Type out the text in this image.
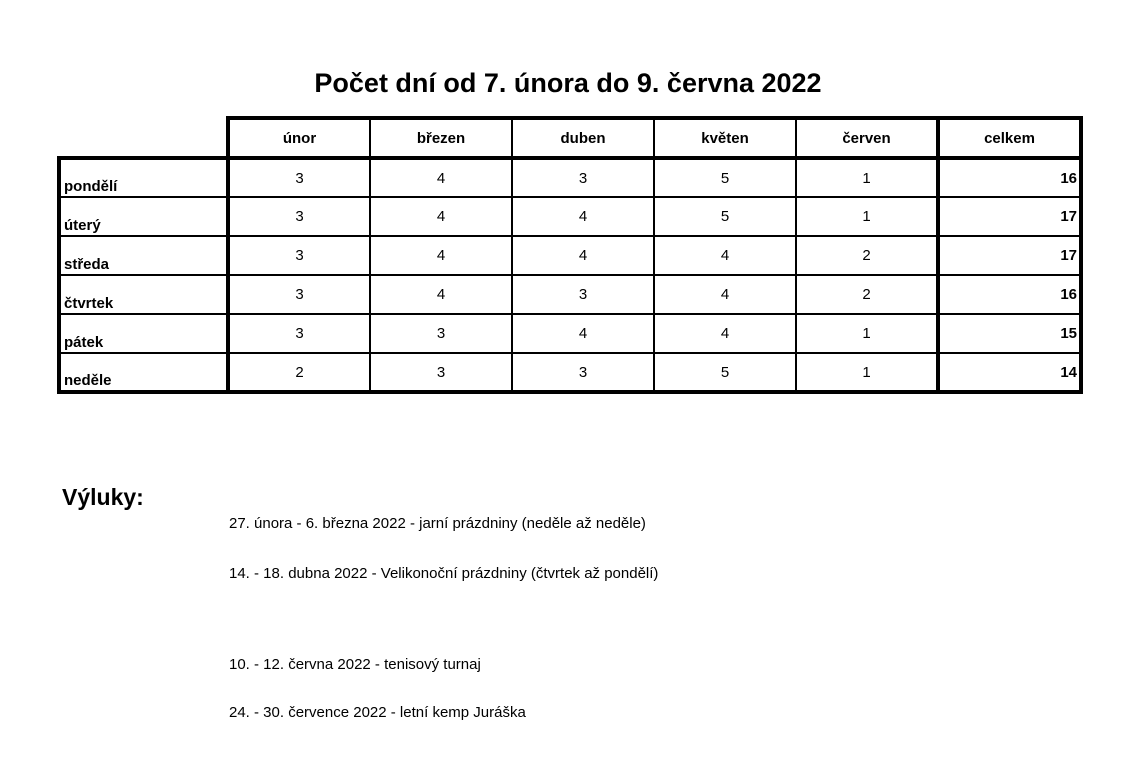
Počet dní od 7. února do 9. června 2022
	únor	březen	duben	květen	červen	celkem
pondělí	3	4	3	5	1	16
úterý	3	4	4	5	1	17
středa	3	4	4	4	2	17
čtvrtek	3	4	3	4	2	16
pátek	3	3	4	4	1	15
neděle	2	3	3	5	1	14
Výluky:
27. února - 6. března 2022 - jarní prázdniny (neděle až neděle)
14. - 18. dubna 2022 - Velikonoční prázdniny (čtvrtek až pondělí)
10. - 12. června 2022 - tenisový turnaj
24. - 30. července 2022 - letní kemp Juráška
